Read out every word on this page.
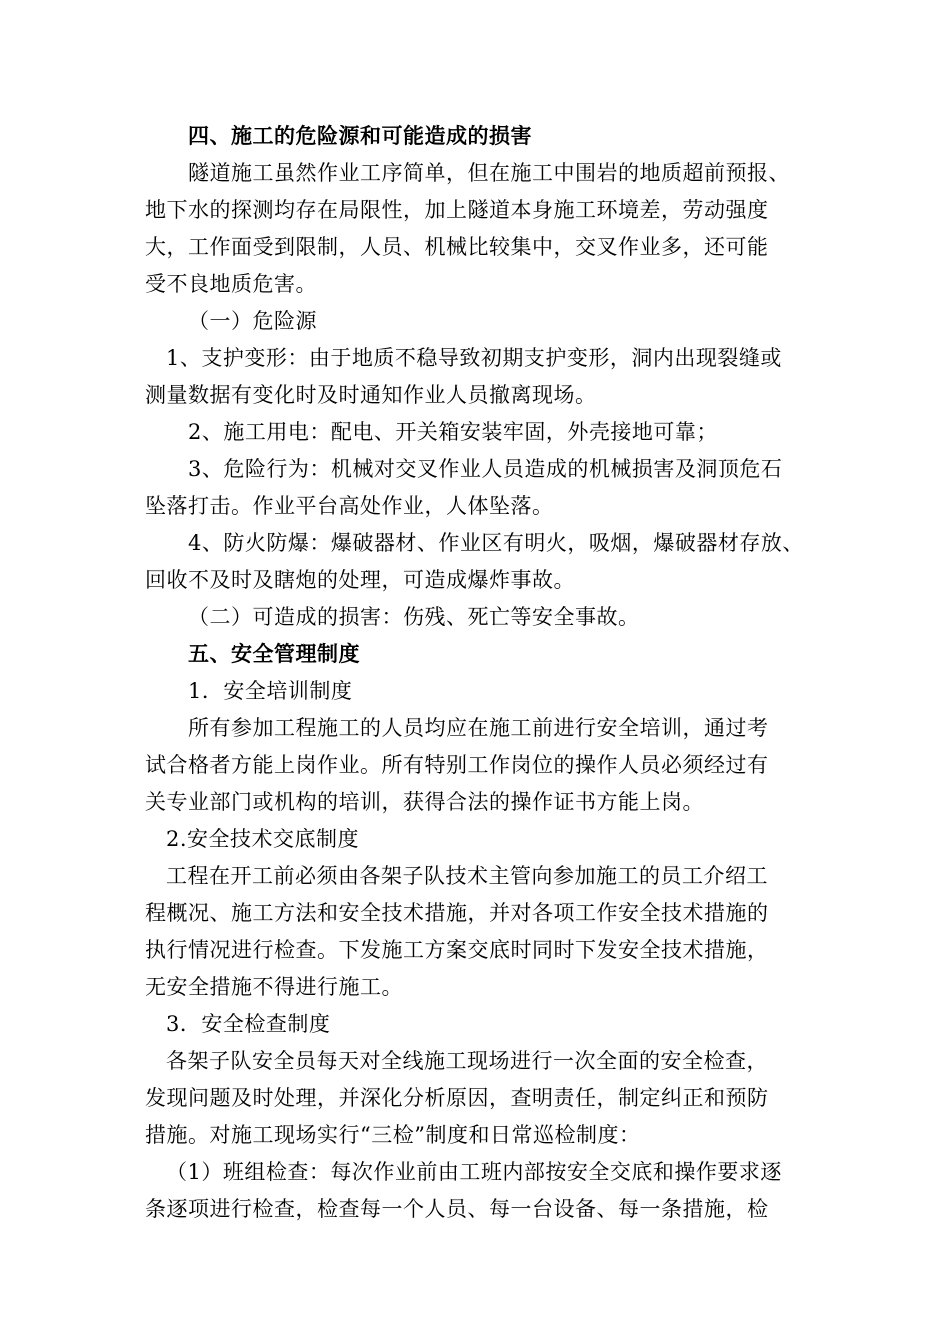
四、施工的危险源和可能造成的损害
隧道施工虽然作业工序简单，但在施工中围岩的地质超前预报、
地下水的探测均存在局限性，加上隧道本身施工环境差，劳动强度
大，工作面受到限制，人员、机械比较集中，交叉作业多，还可能
受不良地质危害。
（一）危险源
1、支护变形：由于地质不稳导致初期支护变形，洞内出现裂缝或
测量数据有变化时及时通知作业人员撤离现场。
2、施工用电：配电、开关箱安装牢固，外壳接地可靠；
3、危险行为：机械对交叉作业人员造成的机械损害及洞顶危石
坠落打击。作业平台高处作业，人体坠落。
4、防火防爆：爆破器材、作业区有明火，吸烟，爆破器材存放、
回收不及时及瞎炮的处理，可造成爆炸事故。
（二）可造成的损害：伤残、死亡等安全事故。
五、安全管理制度
1．安全培训制度
所有参加工程施工的人员均应在施工前进行安全培训，通过考
试合格者方能上岗作业。所有特别工作岗位的操作人员必须经过有
关专业部门或机构的培训，获得合法的操作证书方能上岗。
2.安全技术交底制度
工程在开工前必须由各架子队技术主管向参加施工的员工介绍工
程概况、施工方法和安全技术措施，并对各项工作安全技术措施的
执行情况进行检查。下发施工方案交底时同时下发安全技术措施，
无安全措施不得进行施工。
3．安全检查制度
各架子队安全员每天对全线施工现场进行一次全面的安全检查，
发现问题及时处理，并深化分析原因，查明责任，制定纠正和预防
措施。对施工现场实行“三检”制度和日常巡检制度：
（1）班组检查：每次作业前由工班内部按安全交底和操作要求逐
条逐项进行检查，检查每一个人员、每一台设备、每一条措施，检
